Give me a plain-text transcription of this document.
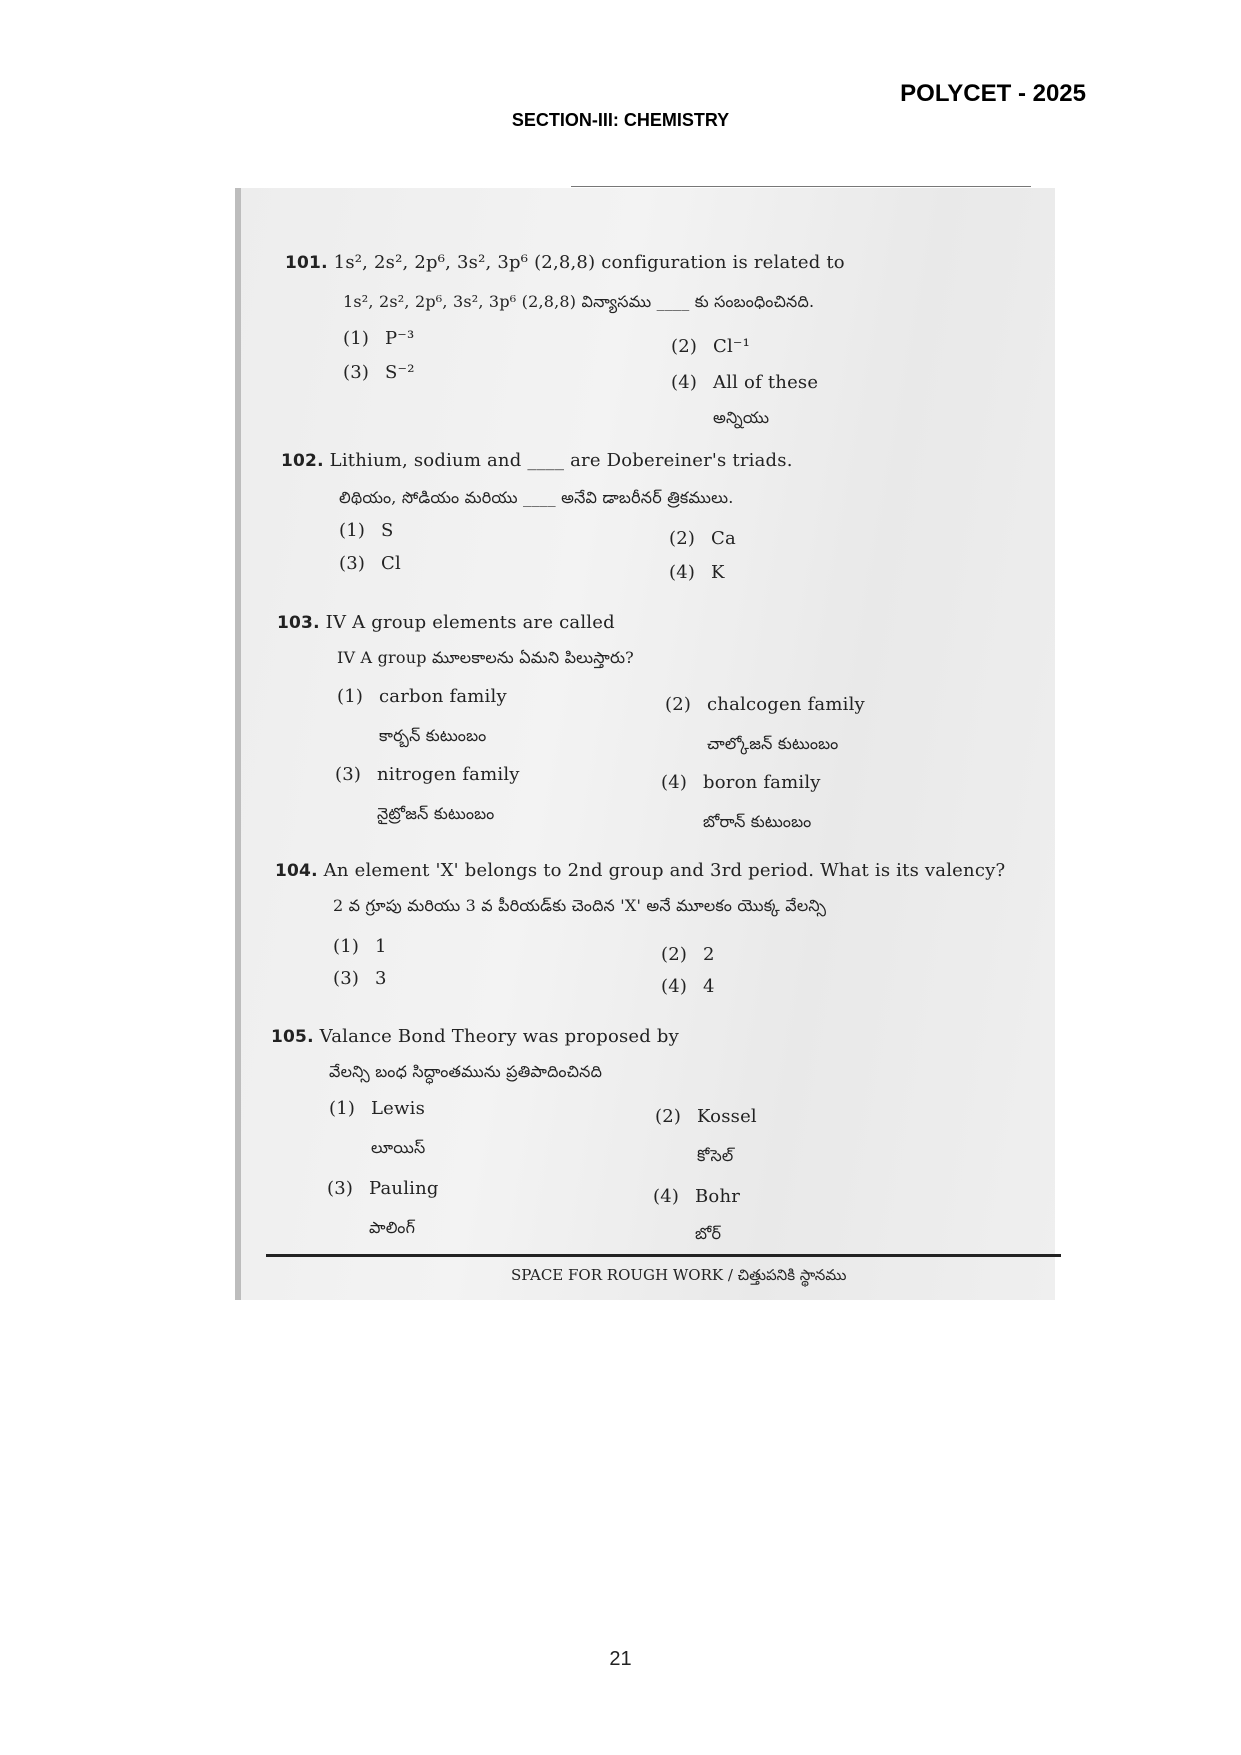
POLYCET - 2025
SECTION-III: CHEMISTRY
101. 1s², 2s², 2p⁶, 3s², 3p⁶ (2,8,8) configuration is related to
1s², 2s², 2p⁶, 3s², 3p⁶ (2,8,8) విన్యాసము ____ కు సంబంధించినది.
(1) P⁻³	(2) Cl⁻¹
(3) S⁻²	(4) All of these
అన్నియు
102. Lithium, sodium and ____ are Dobereiner's triads.
లిథియం, సోడియం మరియు ____ అనేవి డాబరీనర్ త్రికములు.
(1) S	(2) Ca
(3) Cl	(4) K
103. IV A group elements are called
IV A group మూలకాలను ఏమని పిలుస్తారు?
(1) carbon family
కార్బన్ కుటుంబం
(2) chalcogen family
చాల్కోజన్ కుటుంబం
(3) nitrogen family
నైట్రోజన్ కుటుంబం
(4) boron family
బోరాన్ కుటుంబం
104. An element 'X' belongs to 2nd group and 3rd period. What is its valency?
2 వ గ్రూపు మరియు 3 వ పీరియడ్‌కు చెందిన 'X' అనే మూలకం యొక్క వేలన్సి
(1) 1	(2) 2
(3) 3	(4) 4
105. Valance Bond Theory was proposed by
వేలన్సి బంధ సిద్ధాంతమును ప్రతిపాదించినది
(1) Lewis
లూయిస్
(2) Kossel
కోసెల్
(3) Pauling
పాలింగ్
(4) Bohr
బోర్
SPACE FOR ROUGH WORK / చిత్తుపనికి స్థానము
21
